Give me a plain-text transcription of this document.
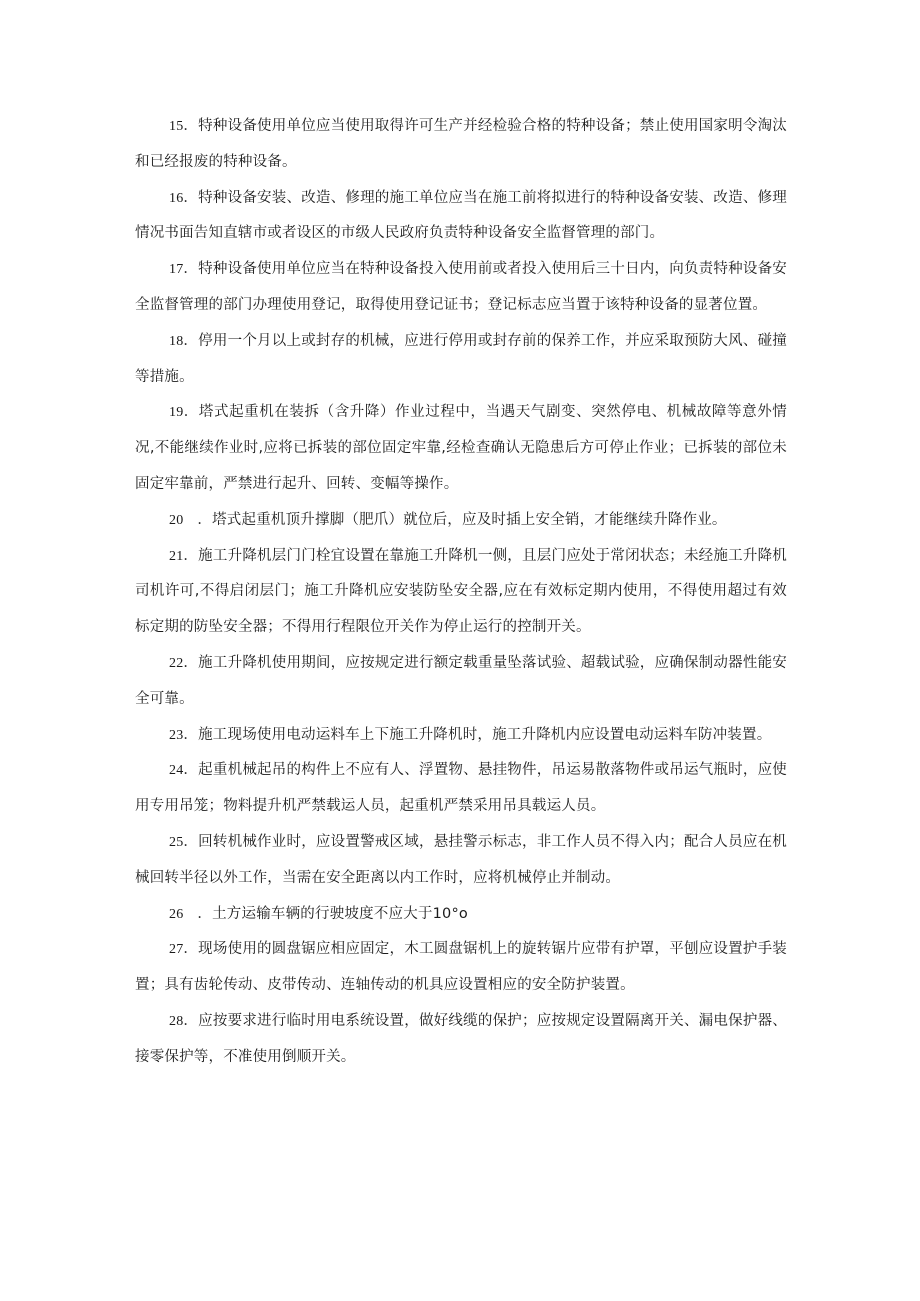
15．特种设备使用单位应当使用取得许可生产并经检验合格的特种设备；禁止使用国家明令淘汰和已经报废的特种设备。

16．特种设备安装、改造、修理的施工单位应当在施工前将拟进行的特种设备安装、改造、修理情况书面告知直辖市或者设区的市级人民政府负责特种设备安全监督管理的部门。

17．特种设备使用单位应当在特种设备投入使用前或者投入使用后三十日内，向负责特种设备安全监督管理的部门办理使用登记，取得使用登记证书；登记标志应当置于该特种设备的显著位置。

18．停用一个月以上或封存的机械，应进行停用或封存前的保养工作，并应采取预防大风、碰撞等措施。

19．塔式起重机在装拆（含升降）作业过程中，当遇天气剧变、突然停电、机械故障等意外情况,不能继续作业时,应将已拆装的部位固定牢靠,经检查确认无隐患后方可停止作业；已拆装的部位未固定牢靠前，严禁进行起升、回转、变幅等操作。

20 ．塔式起重机顶升撑脚（肥爪）就位后，应及时插上安全销，才能继续升降作业。

21．施工升降机层门门栓宜设置在靠施工升降机一侧，且层门应处于常闭状态；未经施工升降机司机许可,不得启闭层门；施工升降机应安装防坠安全器,应在有效标定期内使用，不得使用超过有效标定期的防坠安全器；不得用行程限位开关作为停止运行的控制开关。

22．施工升降机使用期间，应按规定进行额定载重量坠落试验、超载试验，应确保制动器性能安全可靠。

23．施工现场使用电动运料车上下施工升降机时，施工升降机内应设置电动运料车防冲装置。

24．起重机械起吊的构件上不应有人、浮置物、悬挂物件，吊运易散落物件或吊运气瓶时，应使用专用吊笼；物料提升机严禁载运人员，起重机严禁采用吊具载运人员。

25．回转机械作业时，应设置警戒区域，悬挂警示标志，非工作人员不得入内；配合人员应在机械回转半径以外工作，当需在安全距离以内工作时，应将机械停止并制动。

26 ．土方运输车辆的行驶坡度不应大于10°o

27．现场使用的圆盘锯应相应固定，木工圆盘锯机上的旋转锯片应带有护罩，平刨应设置护手装置；具有齿轮传动、皮带传动、连轴传动的机具应设置相应的安全防护装置。

28．应按要求进行临时用电系统设置，做好线缆的保护；应按规定设置隔离开关、漏电保护器、接零保护等，不准使用倒顺开关。
